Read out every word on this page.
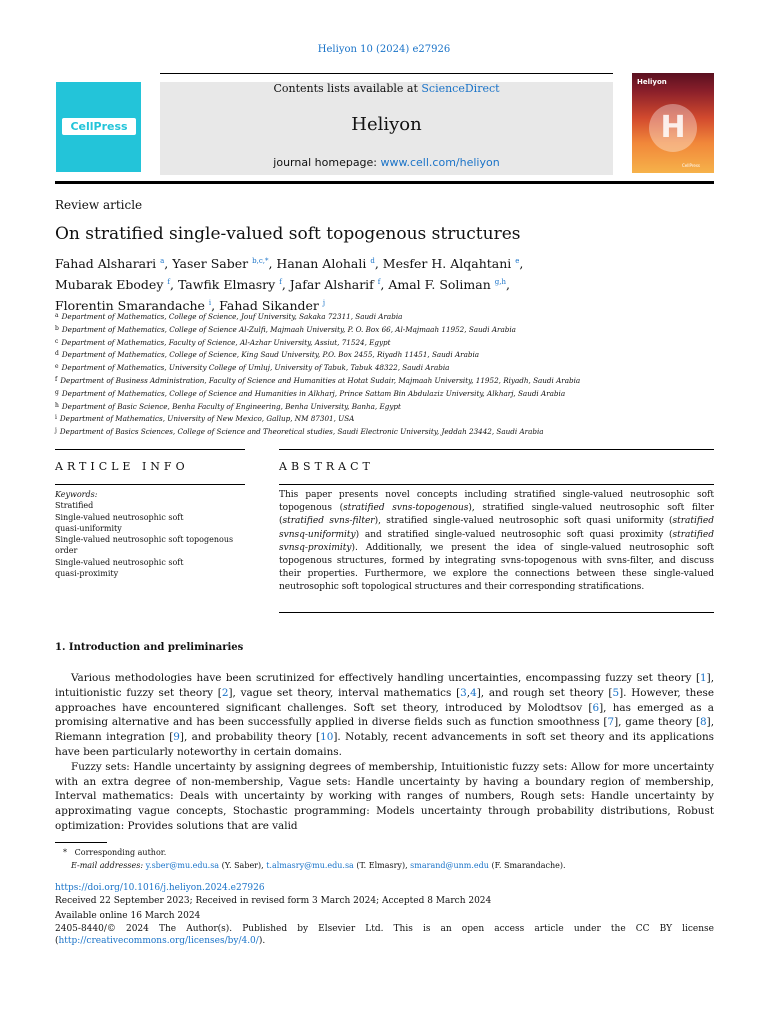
Heliyon 10 (2024) e27926
CellPress
Contents lists available at ScienceDirect
Heliyon
journal homepage: www.cell.com/heliyon
Heliyon
H
CellPress
Review article
On stratified single-valued soft topogenous structures
Fahad Alsharari $^a$, Yaser Saber $^{b,c,*}$, Hanan Alohali $^d$, Mesfer H. Alqahtani $^e$,
Mubarak Ebodey $^f$, Tawfik Elmasry $^f$, Jafar Alsharif $^f$, Amal F. Soliman $^{g,h}$,
Florentin Smarandache $^i$, Fahad Sikander $^j$
$^a$ Department of Mathematics, College of Science, Jouf University, Sakaka 72311, Saudi Arabia
$^b$ Department of Mathematics, College of Science Al-Zulfi, Majmaah University, P. O. Box 66, Al-Majmaah 11952, Saudi Arabia
$^c$ Department of Mathematics, Faculty of Science, Al-Azhar University, Assiut, 71524, Egypt
$^d$ Department of Mathematics, College of Science, King Saud University, P.O. Box 2455, Riyadh 11451, Saudi Arabia
$^e$ Department of Mathematics, University College of Umluj, University of Tabuk, Tabuk 48322, Saudi Arabia
$^f$ Department of Business Administration, Faculty of Science and Humanities at Hotat Sudair, Majmaah University, 11952, Riyadh, Saudi Arabia
$^g$ Department of Mathematics, College of Science and Humanities in Alkharj, Prince Sattam Bin Abdulaziz University, Alkharj, Saudi Arabia
$^h$ Department of Basic Science, Benha Faculty of Engineering, Benha University, Banha, Egypt
$^i$ Department of Mathematics, University of New Mexico, Gallup, NM 87301, USA
$^j$ Department of Basics Sciences, College of Science and Theoretical studies, Saudi Electronic University, Jeddah 23442, Saudi Arabia
ARTICLE INFO	ABSTRACT
Keywords:
Stratified
Single-valued neutrosophic soft
quasi-uniformity
Single-valued neutrosophic soft topogenous
order
Single-valued neutrosophic soft
quasi-proximity
This paper presents novel concepts including stratified single-valued neutrosophic soft topogenous (stratified svns-topogenous), stratified single-valued neutrosophic soft filter (stratified svns-filter), stratified single-valued neutrosophic soft quasi uniformity (stratified svnsq-uniformity) and stratified single-valued neutrosophic soft quasi proximity (stratified svnsq-proximity). Additionally, we present the idea of single-valued neutrosophic soft topogenous structures, formed by integrating svns-topogenous with svns-filter, and discuss their properties. Furthermore, we explore the connections between these single-valued neutrosophic soft topological structures and their corresponding stratifications.
1. Introduction and preliminaries

Various methodologies have been scrutinized for effectively handling uncertainties, encompassing fuzzy set theory [1], intuitionistic fuzzy set theory [2], vague set theory, interval mathematics [3,4], and rough set theory [5]. However, these approaches have encountered significant challenges. Soft set theory, introduced by Molodtsov [6], has emerged as a promising alternative and has been successfully applied in diverse fields such as function smoothness [7], game theory [8], Riemann integration [9], and probability theory [10]. Notably, recent advancements in soft set theory and its applications have been particularly noteworthy in certain domains.

Fuzzy sets: Handle uncertainty by assigning degrees of membership, Intuitionistic fuzzy sets: Allow for more uncertainty with an extra degree of non-membership, Vague sets: Handle uncertainty by having a boundary region of membership, Interval mathematics: Deals with uncertainty by working with ranges of numbers, Rough sets: Handle uncertainty by approximating vague concepts, Stochastic programming: Models uncertainty through probability distributions, Robust optimization: Provides solutions that are valid

* Corresponding author.
E-mail addresses: y.sber@mu.edu.sa (Y. Saber), t.almasry@mu.edu.sa (T. Elmasry), smarand@unm.edu (F. Smarandache).
https://doi.org/10.1016/j.heliyon.2024.e27926
Received 22 September 2023; Received in revised form 3 March 2024; Accepted 8 March 2024
Available online 16 March 2024
2405-8440/© 2024 The Author(s). Published by Elsevier Ltd. This is an open access article under the CC BY license (http://creativecommons.org/licenses/by/4.0/).
